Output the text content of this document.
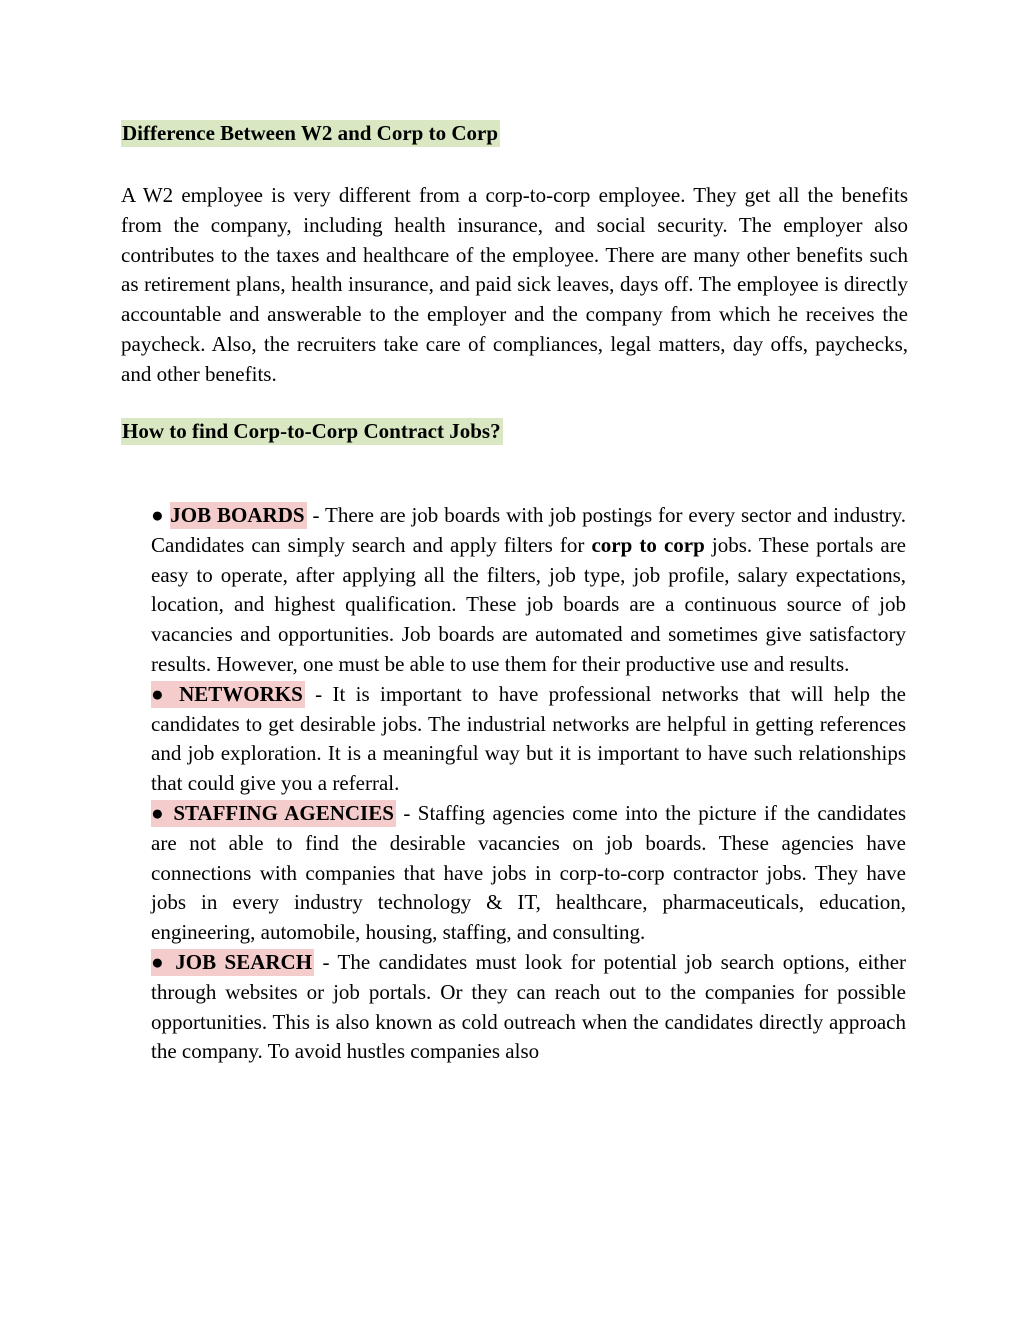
Difference Between W2 and Corp to Corp

A W2 employee is very different from a corp-to-corp employee. They get all the benefits from the company, including health insurance, and social security. The employer also contributes to the taxes and healthcare of the employee. There are many other benefits such as retirement plans, health insurance, and paid sick leaves, days off. The employee is directly accountable and answerable to the employer and the company from which he receives the paycheck. Also, the recruiters take care of compliances, legal matters, day offs, paychecks, and other benefits.

How to find Corp-to-Corp Contract Jobs?
● JOB BOARDS - There are job boards with job postings for every sector and industry. Candidates can simply search and apply filters for corp to corp jobs. These portals are easy to operate, after applying all the filters, job type, job profile, salary expectations, location, and highest qualification. These job boards are a continuous source of job vacancies and opportunities. Job boards are automated and sometimes give satisfactory results. However, one must be able to use them for their productive use and results.
● NETWORKS - It is important to have professional networks that will help the candidates to get desirable jobs. The industrial networks are helpful in getting references and job exploration. It is a meaningful way but it is important to have such relationships that could give you a referral.
● STAFFING AGENCIES - Staffing agencies come into the picture if the candidates are not able to find the desirable vacancies on job boards. These agencies have connections with companies that have jobs in corp-to-corp contractor jobs. They have jobs in every industry technology & IT, healthcare, pharmaceuticals, education, engineering, automobile, housing, staffing, and consulting.
● JOB SEARCH - The candidates must look for potential job search options, either through websites or job portals. Or they can reach out to the companies for possible opportunities. This is also known as cold outreach when the candidates directly approach the company. To avoid hustles companies also
